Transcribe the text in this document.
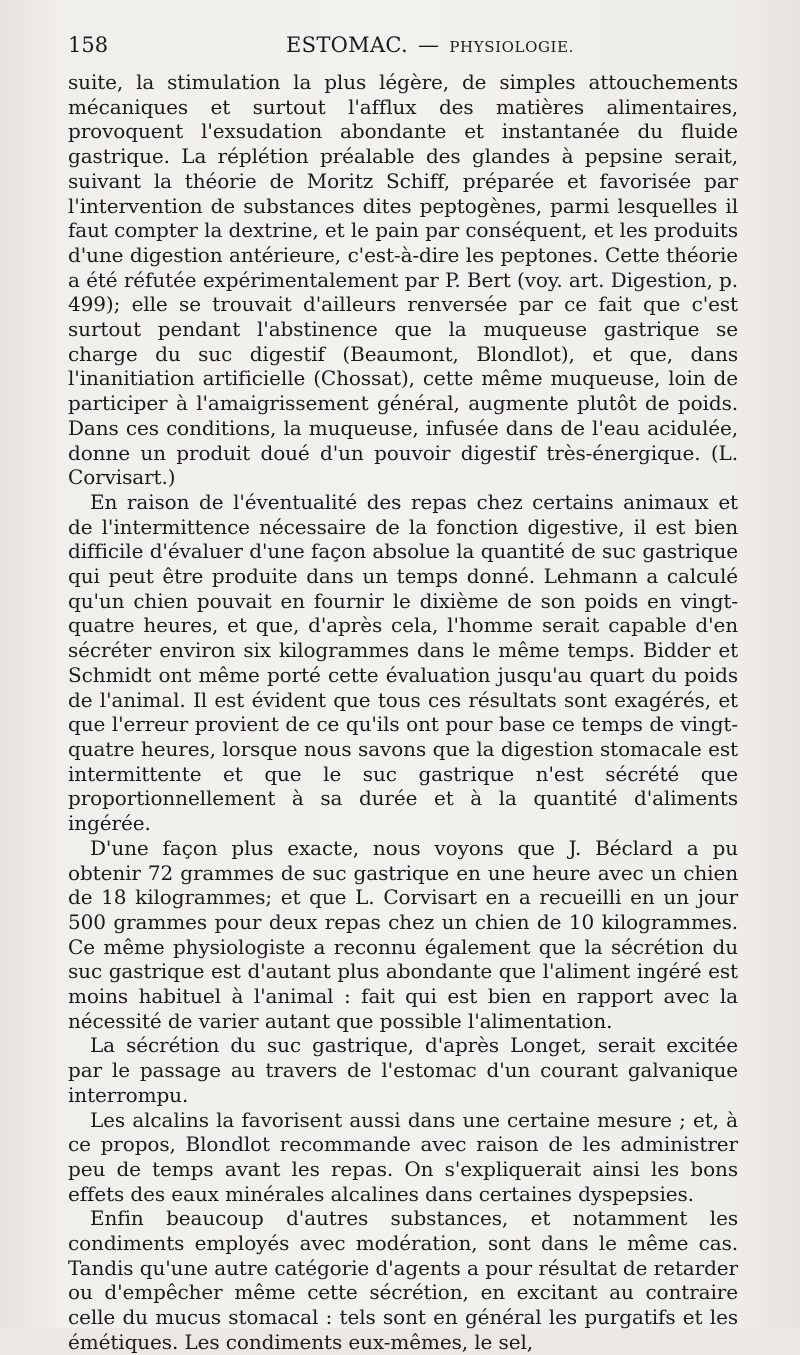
158	ESTOMAC. — PHYSIOLOGIE.

suite, la stimulation la plus légère, de simples attouchements mécaniques et surtout l'afflux des matières alimentaires, provoquent l'exsudation abondante et instantanée du fluide gastrique. La réplétion préalable des glandes à pepsine serait, suivant la théorie de Moritz Schiff, préparée et favorisée par l'intervention de substances dites peptogènes, parmi lesquelles il faut compter la dextrine, et le pain par conséquent, et les produits d'une digestion antérieure, c'est-à-dire les peptones. Cette théorie a été réfutée expérimentalement par P. Bert (voy. art. Digestion, p. 499); elle se trouvait d'ailleurs renversée par ce fait que c'est surtout pendant l'abstinence que la muqueuse gastrique se charge du suc digestif (Beaumont, Blondlot), et que, dans l'inanitiation artificielle (Chossat), cette même muqueuse, loin de participer à l'amaigrissement général, augmente plutôt de poids. Dans ces conditions, la muqueuse, infusée dans de l'eau acidulée, donne un produit doué d'un pouvoir digestif très-énergique. (L. Corvisart.)

En raison de l'éventualité des repas chez certains animaux et de l'intermittence nécessaire de la fonction digestive, il est bien difficile d'évaluer d'une façon absolue la quantité de suc gastrique qui peut être produite dans un temps donné. Lehmann a calculé qu'un chien pouvait en fournir le dixième de son poids en vingt-quatre heures, et que, d'après cela, l'homme serait capable d'en sécréter environ six kilogrammes dans le même temps. Bidder et Schmidt ont même porté cette évaluation jusqu'au quart du poids de l'animal. Il est évident que tous ces résultats sont exagérés, et que l'erreur provient de ce qu'ils ont pour base ce temps de vingt-quatre heures, lorsque nous savons que la digestion stomacale est intermittente et que le suc gastrique n'est sécrété que proportionnellement à sa durée et à la quantité d'aliments ingérée.

D'une façon plus exacte, nous voyons que J. Béclard a pu obtenir 72 grammes de suc gastrique en une heure avec un chien de 18 kilogrammes; et que L. Corvisart en a recueilli en un jour 500 grammes pour deux repas chez un chien de 10 kilogrammes. Ce même physiologiste a reconnu également que la sécrétion du suc gastrique est d'autant plus abondante que l'aliment ingéré est moins habituel à l'animal : fait qui est bien en rapport avec la nécessité de varier autant que possible l'alimentation.

La sécrétion du suc gastrique, d'après Longet, serait excitée par le passage au travers de l'estomac d'un courant galvanique interrompu.

Les alcalins la favorisent aussi dans une certaine mesure ; et, à ce propos, Blondlot recommande avec raison de les administrer peu de temps avant les repas. On s'expliquerait ainsi les bons effets des eaux minérales alcalines dans certaines dyspepsies.

Enfin beaucoup d'autres substances, et notamment les condiments employés avec modération, sont dans le même cas. Tandis qu'une autre catégorie d'agents a pour résultat de retarder ou d'empêcher même cette sécrétion, en excitant au contraire celle du mucus stomacal : tels sont en général les purgatifs et les émétiques. Les condiments eux-mêmes, le sel,
